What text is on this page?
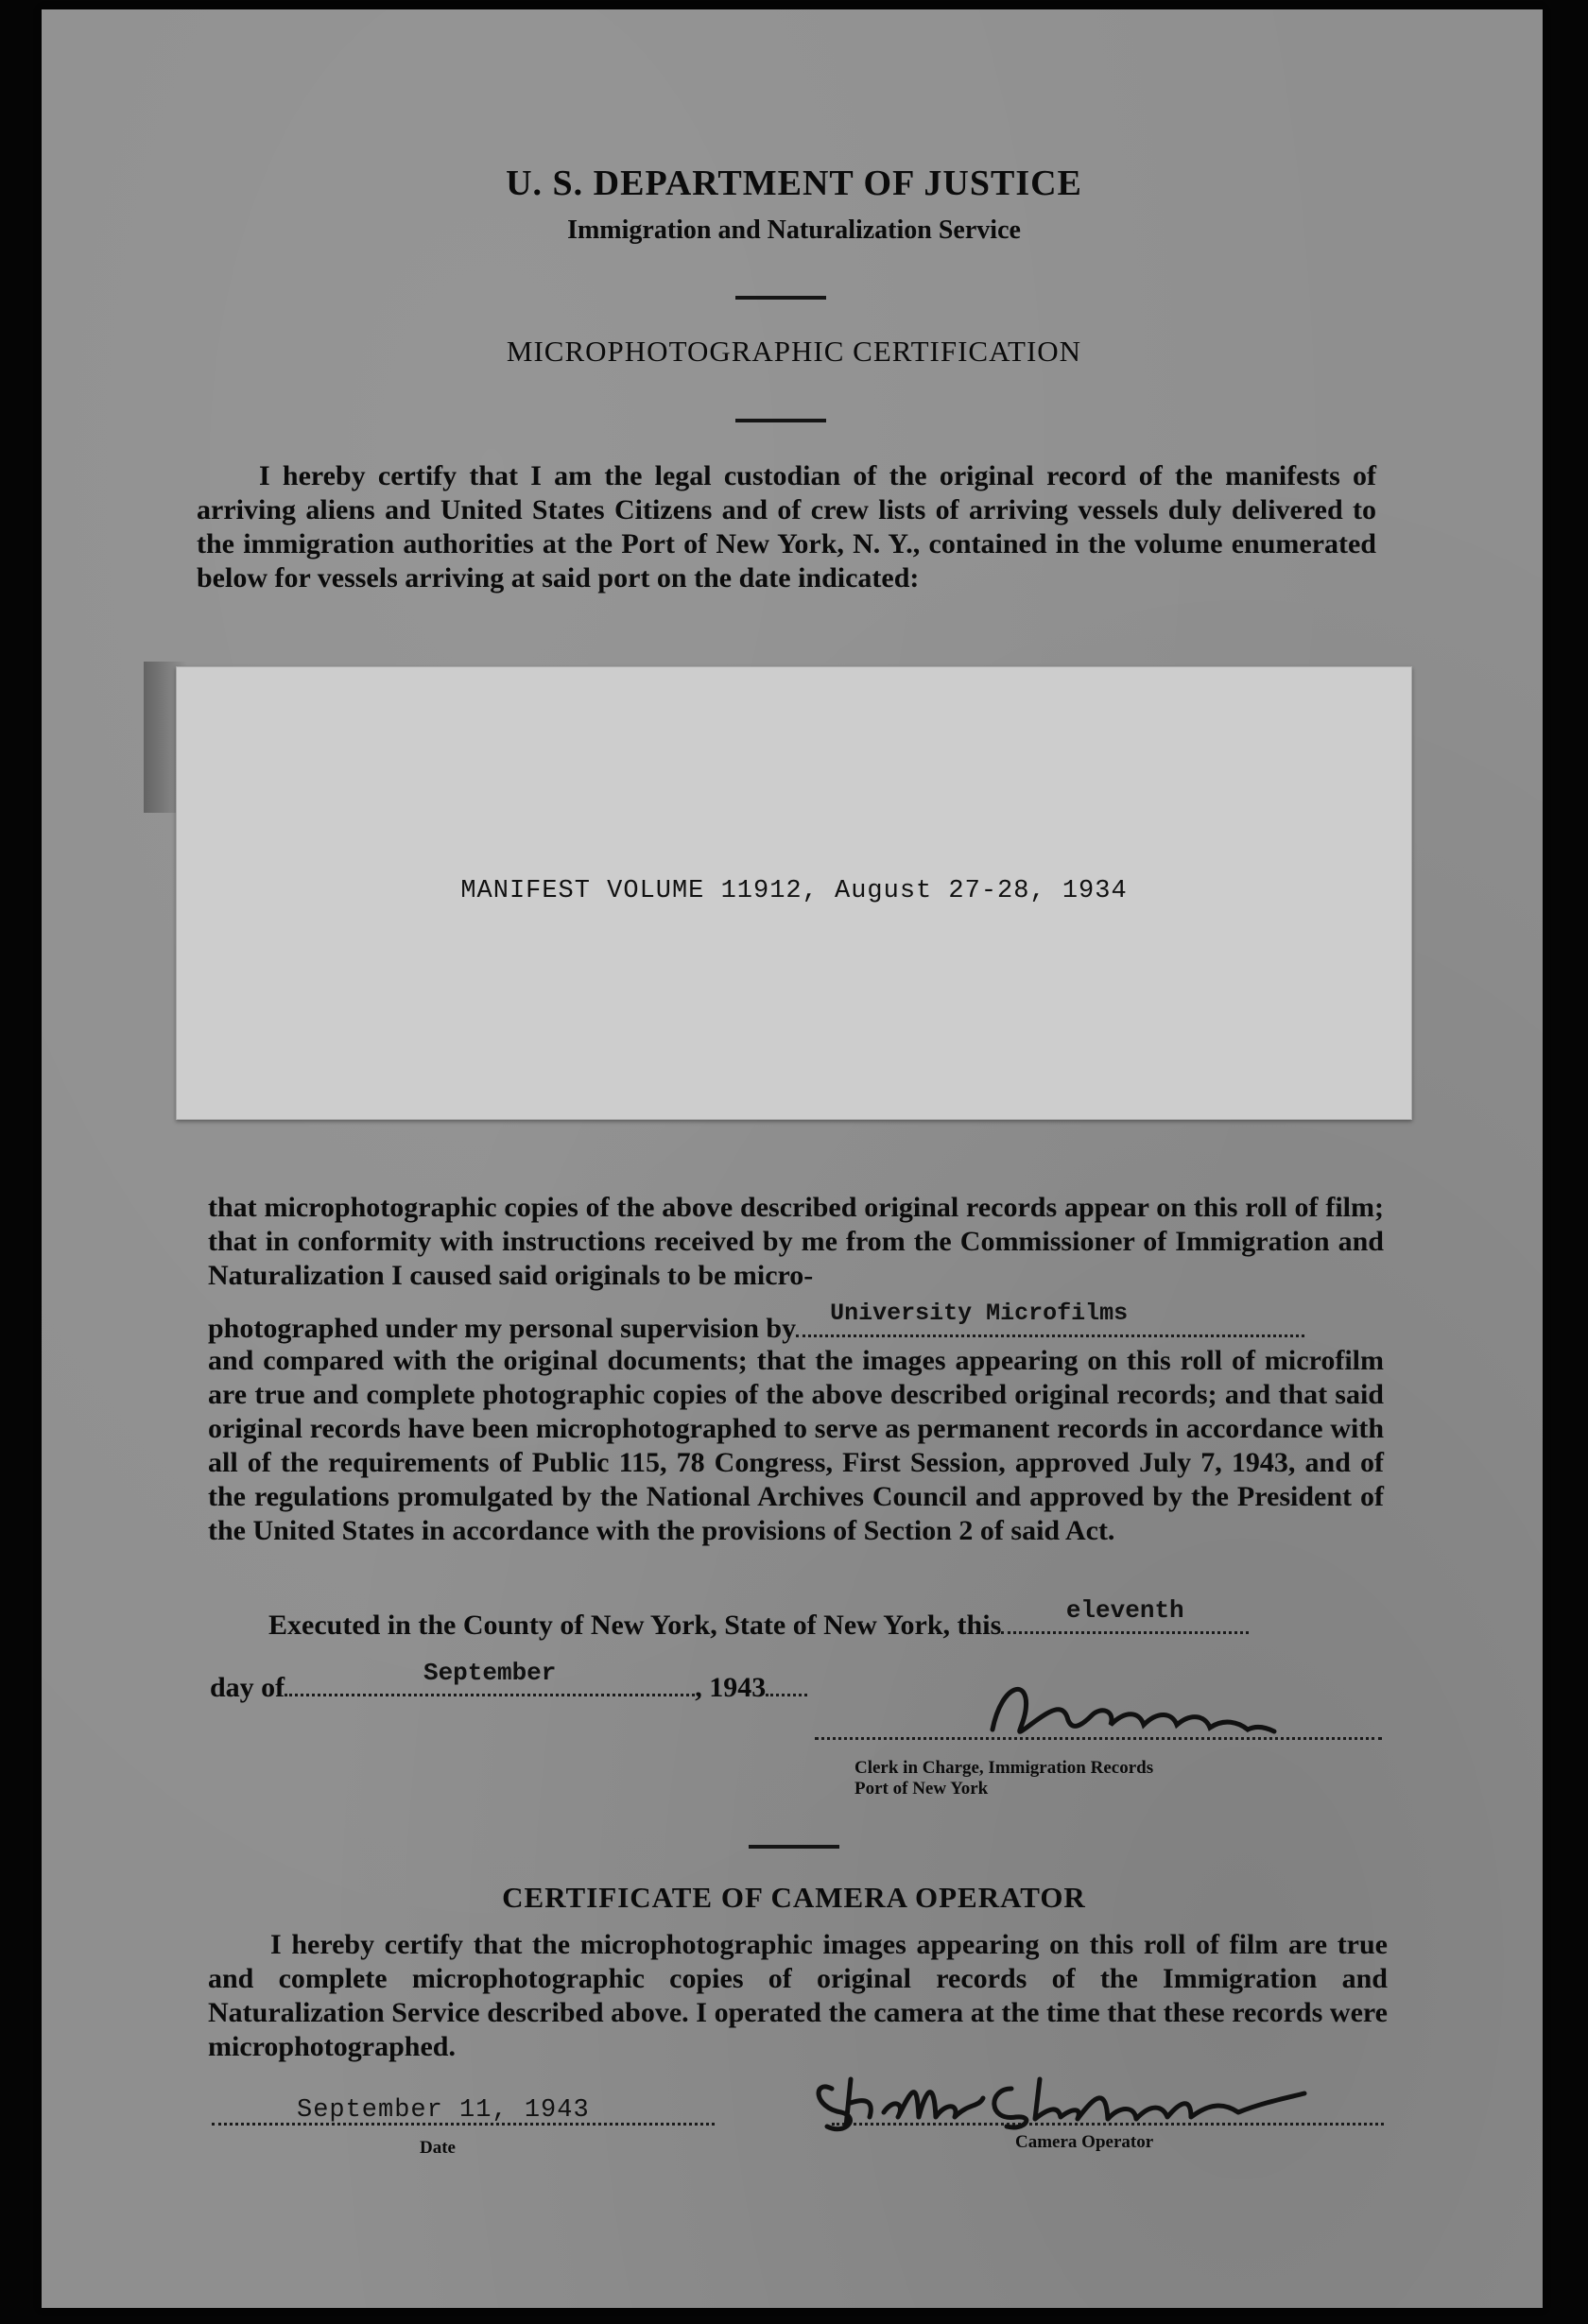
U. S. DEPARTMENT OF JUSTICE
Immigration and Naturalization Service
MICROPHOTOGRAPHIC CERTIFICATION
I hereby certify that I am the legal custodian of the original record of the manifests of arriving aliens and United States Citizens and of crew lists of arriving vessels duly delivered to the immigration authorities at the Port of New York, N. Y., contained in the volume enumerated below for vessels arriving at said port on the date indicated:
MANIFEST VOLUME 11912, August 27-28, 1934
that microphotographic copies of the above described original records appear on this roll of film; that in conformity with instructions received by me from the Commissioner of Immigration and Naturalization I caused said originals to be micro-
photographed under my personal supervision by University Microfilms
and compared with the original documents; that the images appearing on this roll of microfilm are true and complete photographic copies of the above described original records; and that said original records have been microphotographed to serve as permanent records in accordance with all of the requirements of Public 115, 78 Congress, First Session, approved July 7, 1943, and of the regulations promulgated by the National Archives Council and approved by the President of the United States in accordance with the provisions of Section 2 of said Act.
Executed in the County of New York, State of New York, this	eleventh
day of	September	, 1943
Clerk in Charge, Immigration Records
Port of New York
CERTIFICATE OF CAMERA OPERATOR
I hereby certify that the microphotographic images appearing on this roll of film are true and complete microphotographic copies of original records of the Immigration and Naturalization Service described above. I operated the camera at the time that these records were microphotographed.
September 11, 1943
Date	Camera Operator
